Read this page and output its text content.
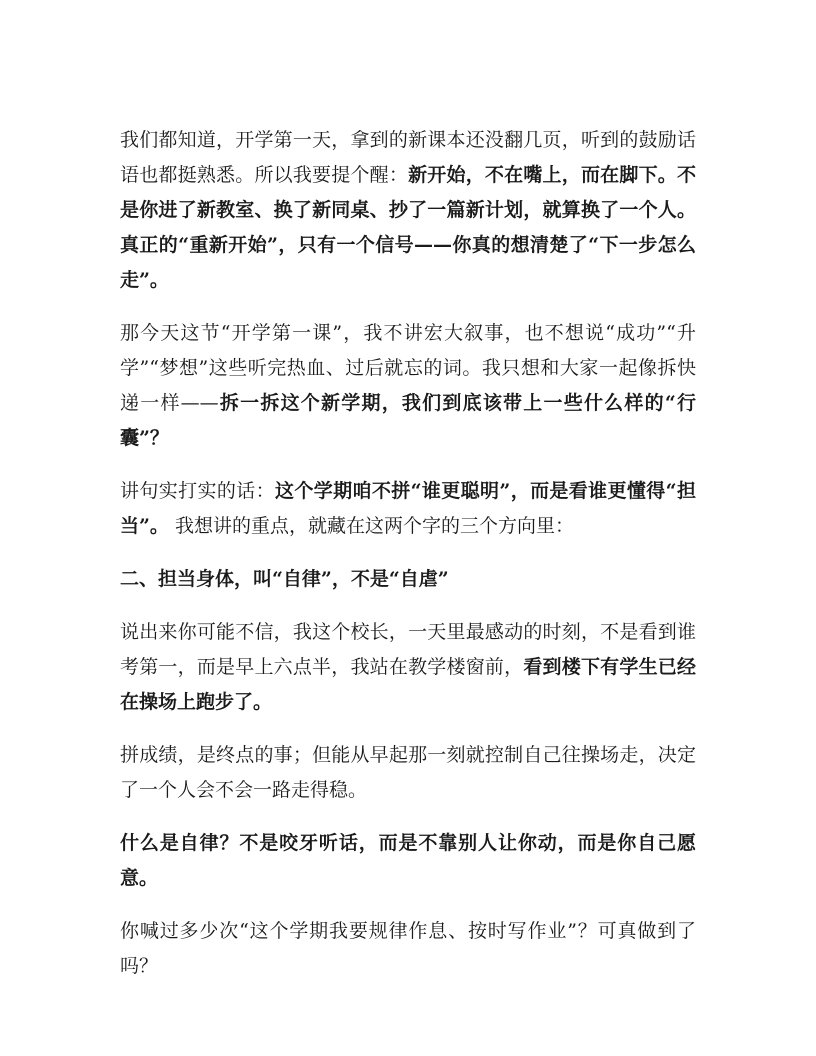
我们都知道，开学第一天，拿到的新课本还没翻几页，听到的鼓励话语也都挺熟悉。所以我要提个醒：新开始，不在嘴上，而在脚下。不是你进了新教室、换了新同桌、抄了一篇新计划，就算换了一个人。真正的“重新开始”，只有一个信号——你真的想清楚了“下一步怎么走”。

那今天这节“开学第一课”，我不讲宏大叙事，也不想说“成功”“升学”“梦想”这些听完热血、过后就忘的词。我只想和大家一起像拆快递一样——拆一拆这个新学期，我们到底该带上一些什么样的“行囊”？

讲句实打实的话：这个学期咱不拼“谁更聪明”，而是看谁更懂得“担当”。 我想讲的重点，就藏在这两个字的三个方向里：

二、担当身体，叫“自律”，不是“自虐”

说出来你可能不信，我这个校长，一天里最感动的时刻，不是看到谁考第一，而是早上六点半，我站在教学楼窗前，看到楼下有学生已经在操场上跑步了。

拼成绩，是终点的事；但能从早起那一刻就控制自己往操场走，决定了一个人会不会一路走得稳。

什么是自律？不是咬牙听话，而是不靠别人让你动，而是你自己愿意。

你喊过多少次“这个学期我要规律作息、按时写作业”？可真做到了吗？
